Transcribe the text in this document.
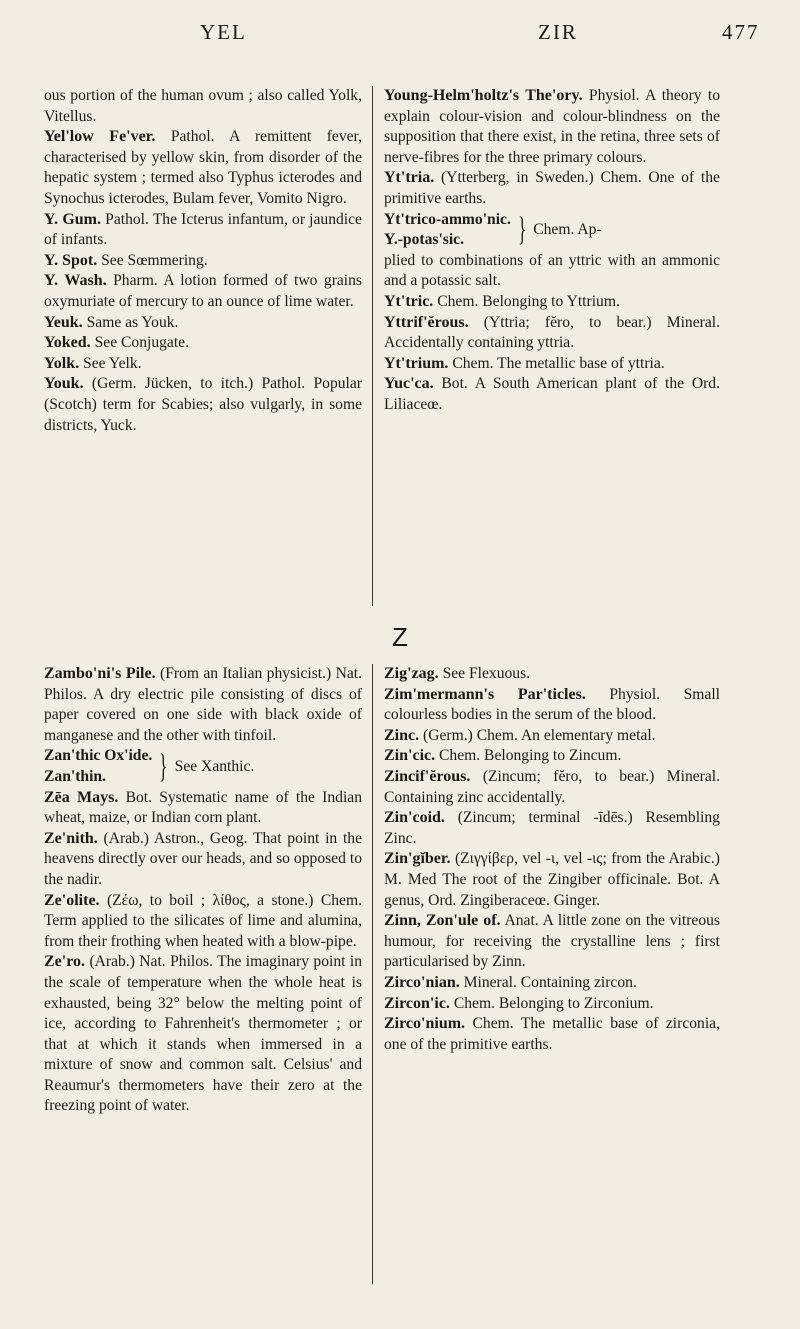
YEL	ZIR	477

ous portion of the human ovum ; also called Yolk, Vitellus.

Yel'low Fe'ver. Pathol. A remittent fever, characterised by yellow skin, from disorder of the hepatic system ; termed also Typhus icterodes and Synochus icterodes, Bulam fever, Vomito Nigro.

Y. Gum. Pathol. The Icterus infantum, or jaundice of infants.

Y. Spot. See Sœmmering.

Y. Wash. Pharm. A lotion formed of two grains oxymuriate of mercury to an ounce of lime water.

Yeuk. Same as Youk.

Yoked. See Conjugate.

Yolk. See Yelk.

Youk. (Germ. Jücken, to itch.) Pathol. Popular (Scotch) term for Scabies; also vulgarly, in some districts, Yuck.

Young-Helm'holtz's The'ory. Physiol. A theory to explain colour-vision and colour-blindness on the supposition that there exist, in the retina, three sets of nerve-fibres for the three primary colours.

Yt'tria. (Ytterberg, in Sweden.) Chem. One of the primitive earths.

Yt'trico-ammo'nic.
Y.-potas'sic.	} Chem. Ap-

plied to combinations of an yttric with an ammonic and a potassic salt.

Yt'tric. Chem. Belonging to Yttrium.

Yttrif'ĕrous. (Yttria; fĕro, to bear.) Mineral. Accidentally containing yttria.

Yt'trium. Chem. The metallic base of yttria.

Yuc'ca. Bot. A South American plant of the Ord. Liliaceœ.

Z

Zambo'ni's Pile. (From an Italian physicist.) Nat. Philos. A dry electric pile consisting of discs of paper covered on one side with black oxide of manganese and the other with tinfoil.

Zan'thic Ox'ide.
Zan'thin.	} See Xanthic.

Zēa Mays. Bot. Systematic name of the Indian wheat, maize, or Indian corn plant.

Ze'nith. (Arab.) Astron., Geog. That point in the heavens directly over our heads, and so opposed to the nadir.

Ze'olite. (Ζέω, to boil ; λίθος, a stone.) Chem. Term applied to the silicates of lime and alumina, from their frothing when heated with a blow-pipe.

Ze'ro. (Arab.) Nat. Philos. The imaginary point in the scale of temperature when the whole heat is exhausted, being 32° below the melting point of ice, according to Fahrenheit's thermometer ; or that at which it stands when immersed in a mixture of snow and common salt. Celsius' and Reaumur's thermometers have their zero at the freezing point of water.

Zig'zag. See Flexuous.

Zim'mermann's Par'ticles. Physiol. Small colourless bodies in the serum of the blood.

Zinc. (Germ.) Chem. An elementary metal.

Zin'cic. Chem. Belonging to Zincum.

Zincif'ĕrous. (Zincum; fĕro, to bear.) Mineral. Containing zinc accidentally.

Zin'coid. (Zincum; terminal -īdēs.) Resembling Zinc.

Zin'gĭber. (Ζιγγίβερ, vel -ι, vel -ις; from the Arabic.) M. Med The root of the Zingiber officinale. Bot. A genus, Ord. Zingiberaceœ. Ginger.

Zinn, Zon'ule of. Anat. A little zone on the vitreous humour, for receiving the crystalline lens ; first particularised by Zinn.

Zirco'nian. Mineral. Containing zircon.

Zircon'ic. Chem. Belonging to Zirconium.

Zirco'nium. Chem. The metallic base of zirconia, one of the primitive earths.
